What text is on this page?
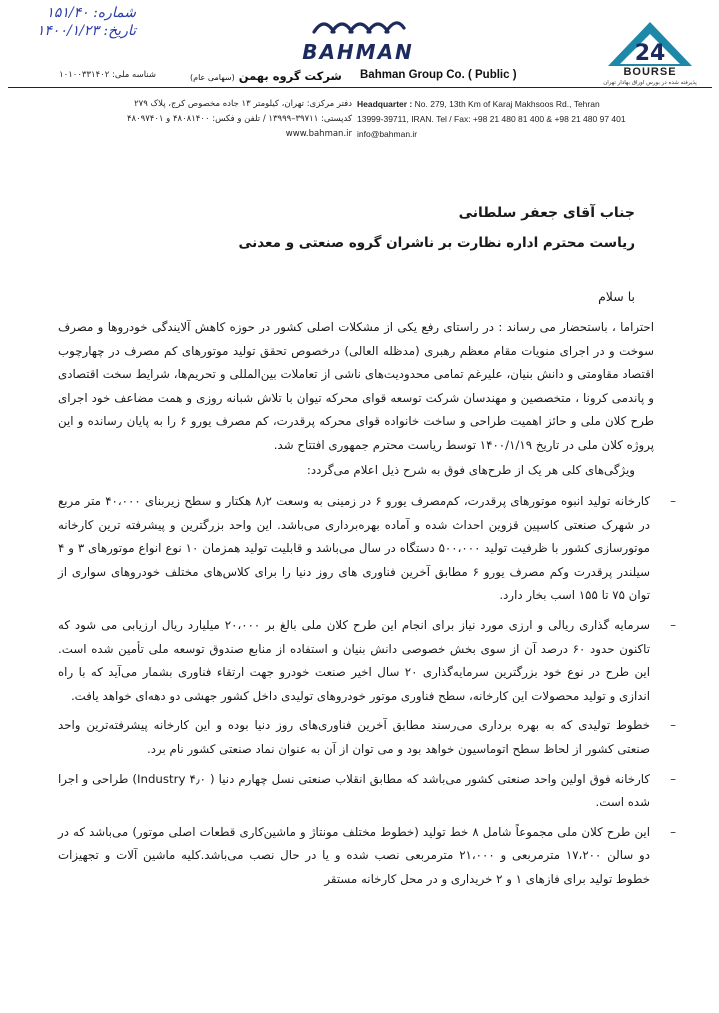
شماره: ۱۵۱/۴۰
تاریخ: ۱۴۰۰/۱/۲۳
شناسه ملی: ۱۰۱۰۰۳۳۱۴۰۲
BAHMAN
شرکت گروه بهمن (سهامی عام)	Bahman Group Co. ( Public )
24
BOURSE
پذیرفته شده در بورس اوراق بهادار تهران
دفتر مرکزی: تهران، کیلومتر ۱۳ جاده مخصوص کرج، پلاک ۲۷۹
کدپستی: ۳۹۷۱۱–۱۳۹۹۹ / تلفن و فکس: ۴۸۰۸۱۴۰۰ و ۴۸۰۹۷۴۰۱
www.bahman.ir
Headquarter : No. 279, 13th Km of Karaj Makhsoos Rd., Tehran
13999-39711, IRAN. Tel / Fax: +98 21 480 81 400 & +98 21 480 97 401
info@bahman.ir
جناب آقای جعفر سلطانی
ریاست محترم اداره نظارت بر ناشران گروه صنعتی و معدنی
با سلام
احتراما ، باستحضار می رساند : در راستای رفع یکی از مشکلات اصلی کشور در حوزه کاهش آلایندگی خودروها و مصرف سوخت و در اجرای منویات مقام معظم رهبری (مدظله العالی) درخصوص تحقق تولید موتورهای کم مصرف در چهارچوب اقتصاد مقاومتی و دانش بنیان، علیرغم تمامی محدودیت‌های ناشی از تعاملات بین‌المللی و تحریم‌ها، شرایط سخت اقتصادی و پاندمی کرونا ، متخصصین و مهندسان شرکت توسعه قوای محرکه تیوان با تلاش شبانه روزی و همت مضاعف خود اجرای طرح کلان ملی و حائز اهمیت طراحی و ساخت خانواده قوای محرکه پرقدرت، کم مصرف یورو ۶ را به پایان رسانده و این پروژه کلان ملی در تاریخ ۱۴۰۰/۱/۱۹ توسط ریاست محترم جمهوری افتتاح شد.
ویژگی‌های کلی هر یک از طرح‌های فوق به شرح ذیل اعلام می‌گردد:
–
کارخانه تولید انبوه موتورهای پرقدرت، کم‌مصرف یورو ۶ در زمینی به وسعت ۸٫۲ هکتار و سطح زیربنای ۴۰،۰۰۰ متر مربع در شهرک صنعتی کاسپین قزوین احداث شده و آماده بهره‌برداری می‌باشد. این واحد بزرگترین و پیشرفته ترین کارخانه موتورسازی کشور با ظرفیت تولید ۵۰۰،۰۰۰ دستگاه در سال می‌باشد و قابلیت تولید همزمان ۱۰ نوع انواع موتورهای ۳ و ۴ سیلندر پرقدرت وکم مصرف یورو ۶ مطابق آخرین فناوری های روز دنیا را برای کلاس‌های مختلف خودروهای سواری از توان ۷۵ تا ۱۵۵ اسب بخار دارد.
–
سرمایه گذاری ریالی و ارزی مورد نیاز برای انجام این طرح کلان ملی بالغ بر ۲۰،۰۰۰ میلیارد ریال ارزیابی می شود که تاکنون حدود ۶۰ درصد آن از سوی بخش خصوصی دانش بنیان و استفاده از منابع صندوق توسعه ملی تأمین شده است. این طرح در نوع خود بزرگترین سرمایه‌گذاری ۲۰ سال اخیر صنعت خودرو جهت ارتقاء فناوری بشمار می‌آید که با راه اندازی و تولید محصولات این کارخانه، سطح فناوری موتور خودروهای تولیدی داخل کشور جهشی دو دهه‌ای خواهد یافت.
–
خطوط تولیدی که به بهره برداری می‌رسند مطابق آخرین فناوری‌های روز دنیا بوده و این کارخانه پیشرفته‌ترین واحد صنعتی کشور از لحاظ سطح اتوماسیون خواهد بود و می توان از آن به عنوان نماد صنعتی کشور نام برد.
–
کارخانه فوق اولین واحد صنعتی کشور می‌باشد که مطابق انقلاب صنعتی نسل چهارم دنیا ( Industry ۴٫۰) طراحی و اجرا شده است.
–
این طرح کلان ملی مجموعاً شامل ۸ خط تولید (خطوط مختلف مونتاژ و ماشین‌کاری قطعات اصلی موتور) می‌باشد که در دو سالن ۱۷،۲۰۰ مترمربعی و ۲۱،۰۰۰ مترمربعی نصب شده و یا در حال نصب می‌باشد.کلیه ماشین آلات و تجهیزات خطوط تولید برای فازهای ۱ و ۲ خریداری و در محل کارخانه مستقر
